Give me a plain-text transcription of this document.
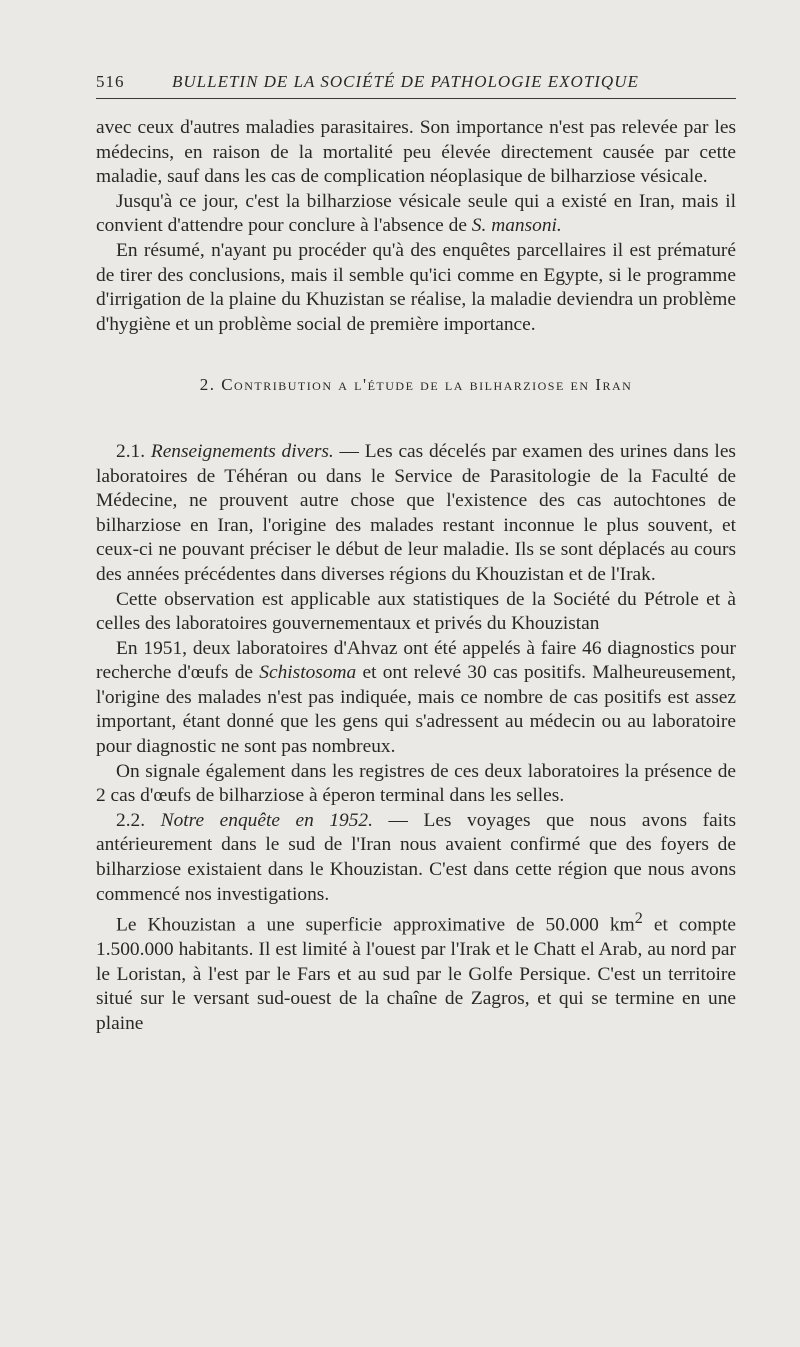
516	BULLETIN DE LA SOCIÉTÉ DE PATHOLOGIE EXOTIQUE

avec ceux d'autres maladies parasitaires. Son importance n'est pas relevée par les médecins, en raison de la mortalité peu élevée directement causée par cette maladie, sauf dans les cas de complication néoplasique de bilharziose vésicale.

Jusqu'à ce jour, c'est la bilharziose vésicale seule qui a existé en Iran, mais il convient d'attendre pour conclure à l'absence de S. mansoni.

En résumé, n'ayant pu procéder qu'à des enquêtes parcellaires il est prématuré de tirer des conclusions, mais il semble qu'ici comme en Egypte, si le programme d'irrigation de la plaine du Khuzistan se réalise, la maladie deviendra un problème d'hygiène et un problème social de première importance.

2. Contribution a l'étude de la bilharziose en Iran

2.1. Renseignements divers. — Les cas décelés par examen des urines dans les laboratoires de Téhéran ou dans le Service de Parasitologie de la Faculté de Médecine, ne prouvent autre chose que l'existence des cas autochtones de bilharziose en Iran, l'origine des malades restant inconnue le plus souvent, et ceux-ci ne pouvant préciser le début de leur maladie. Ils se sont déplacés au cours des années précédentes dans diverses régions du Khouzistan et de l'Irak.

Cette observation est applicable aux statistiques de la Société du Pétrole et à celles des laboratoires gouvernementaux et privés du Khouzistan

En 1951, deux laboratoires d'Ahvaz ont été appelés à faire 46 diagnostics pour recherche d'œufs de Schistosoma et ont relevé 30 cas positifs. Malheureusement, l'origine des malades n'est pas indiquée, mais ce nombre de cas positifs est assez important, étant donné que les gens qui s'adressent au médecin ou au laboratoire pour diagnostic ne sont pas nombreux.

On signale également dans les registres de ces deux laboratoires la présence de 2 cas d'œufs de bilharziose à éperon terminal dans les selles.

2.2. Notre enquête en 1952. — Les voyages que nous avons faits antérieurement dans le sud de l'Iran nous avaient confirmé que des foyers de bilharziose existaient dans le Khouzistan. C'est dans cette région que nous avons commencé nos investigations.

Le Khouzistan a une superficie approximative de 50.000 $km^2$ et compte 1.500.000 habitants. Il est limité à l'ouest par l'Irak et le Chatt el Arab, au nord par le Loristan, à l'est par le Fars et au sud par le Golfe Persique. C'est un territoire situé sur le versant sud-ouest de la chaîne de Zagros, et qui se termine en une plaine
